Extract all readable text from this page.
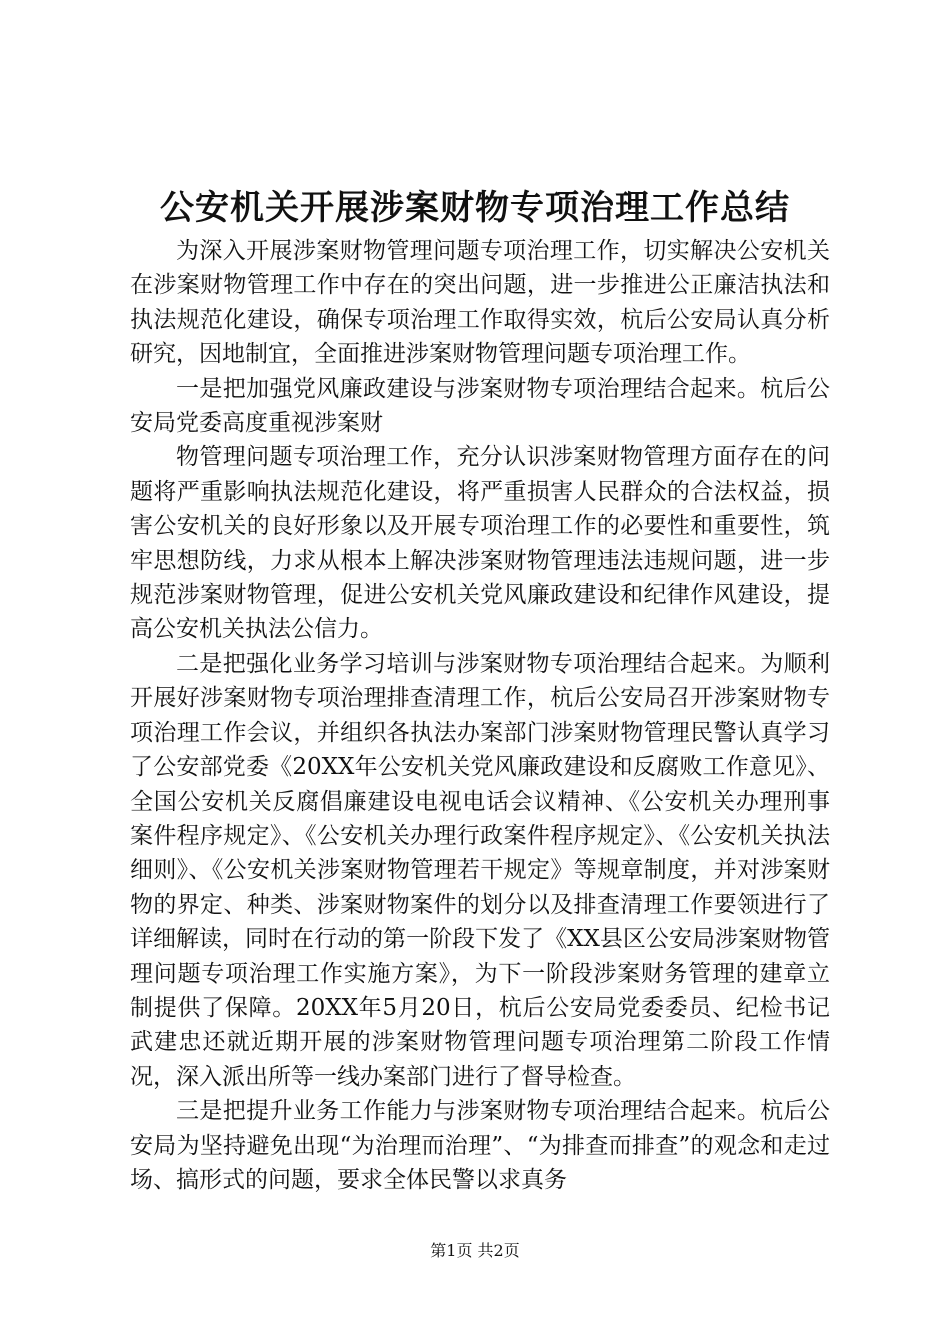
公安机关开展涉案财物专项治理工作总结

为深入开展涉案财物管理问题专项治理工作，切实解决公安机关在涉案财物管理工作中存在的突出问题，进一步推进公正廉洁执法和执法规范化建设，确保专项治理工作取得实效，杭后公安局认真分析研究，因地制宜，全面推进涉案财物管理问题专项治理工作。

一是把加强党风廉政建设与涉案财物专项治理结合起来。杭后公安局党委高度重视涉案财

物管理问题专项治理工作，充分认识涉案财物管理方面存在的问题将严重影响执法规范化建设，将严重损害人民群众的合法权益，损害公安机关的良好形象以及开展专项治理工作的必要性和重要性，筑牢思想防线，力求从根本上解决涉案财物管理违法违规问题，进一步规范涉案财物管理，促进公安机关党风廉政建设和纪律作风建设，提高公安机关执法公信力。

二是把强化业务学习培训与涉案财物专项治理结合起来。为顺利开展好涉案财物专项治理排查清理工作，杭后公安局召开涉案财物专项治理工作会议，并组织各执法办案部门涉案财物管理民警认真学习了公安部党委《20XX年公安机关党风廉政建设和反腐败工作意见》、全国公安机关反腐倡廉建设电视电话会议精神、《公安机关办理刑事案件程序规定》、《公安机关办理行政案件程序规定》、《公安机关执法细则》、《公安机关涉案财物管理若干规定》等规章制度，并对涉案财物的界定、种类、涉案财物案件的划分以及排查清理工作要领进行了详细解读，同时在行动的第一阶段下发了《XX县区公安局涉案财物管理问题专项治理工作实施方案》，为下一阶段涉案财务管理的建章立制提供了保障。20XX年5月20日，杭后公安局党委委员、纪检书记武建忠还就近期开展的涉案财物管理问题专项治理第二阶段工作情况，深入派出所等一线办案部门进行了督导检查。

三是把提升业务工作能力与涉案财物专项治理结合起来。杭后公安局为坚持避免出现“为治理而治理”、“为排查而排查”的观念和走过场、搞形式的问题，要求全体民警以求真务

第1页 共2页
